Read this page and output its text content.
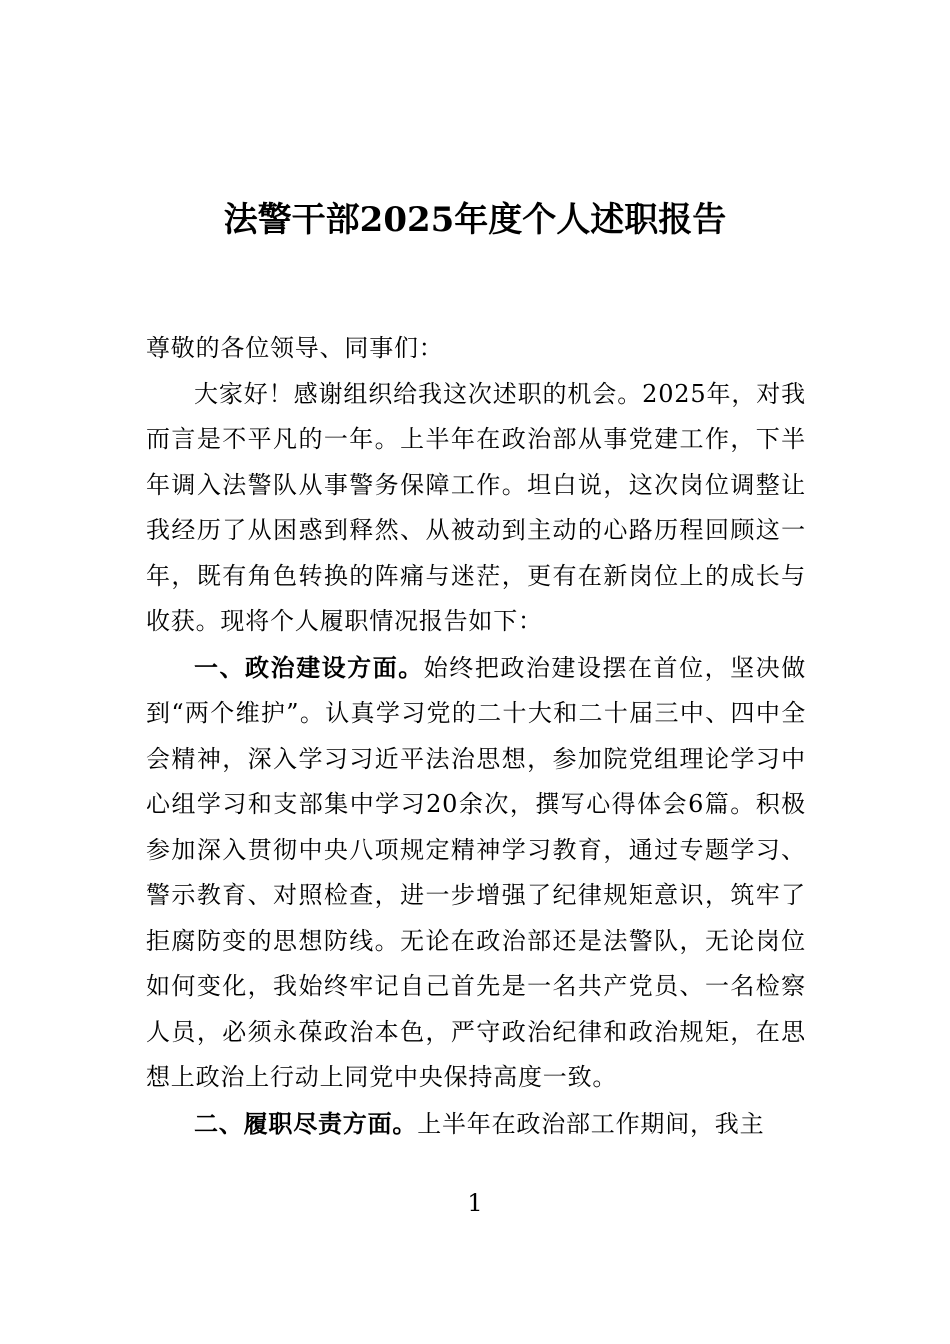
法警干部2025年度个人述职报告

尊敬的各位领导、同事们：

大家好！感谢组织给我这次述职的机会。2025年，对我而言是不平凡的一年。上半年在政治部从事党建工作，下半年调入法警队从事警务保障工作。坦白说，这次岗位调整让我经历了从困惑到释然、从被动到主动的心路历程回顾这一年，既有角色转换的阵痛与迷茫，更有在新岗位上的成长与收获。现将个人履职情况报告如下：

一、政治建设方面。始终把政治建设摆在首位，坚决做到“两个维护”。认真学习党的二十大和二十届三中、四中全会精神，深入学习习近平法治思想，参加院党组理论学习中心组学习和支部集中学习20余次，撰写心得体会6篇。积极参加深入贯彻中央八项规定精神学习教育，通过专题学习、警示教育、对照检查，进一步增强了纪律规矩意识，筑牢了拒腐防变的思想防线。无论在政治部还是法警队，无论岗位如何变化，我始终牢记自己首先是一名共产党员、一名检察人员，必须永葆政治本色，严守政治纪律和政治规矩，在思想上政治上行动上同党中央保持高度一致。

二、履职尽责方面。上半年在政治部工作期间，我主

1
